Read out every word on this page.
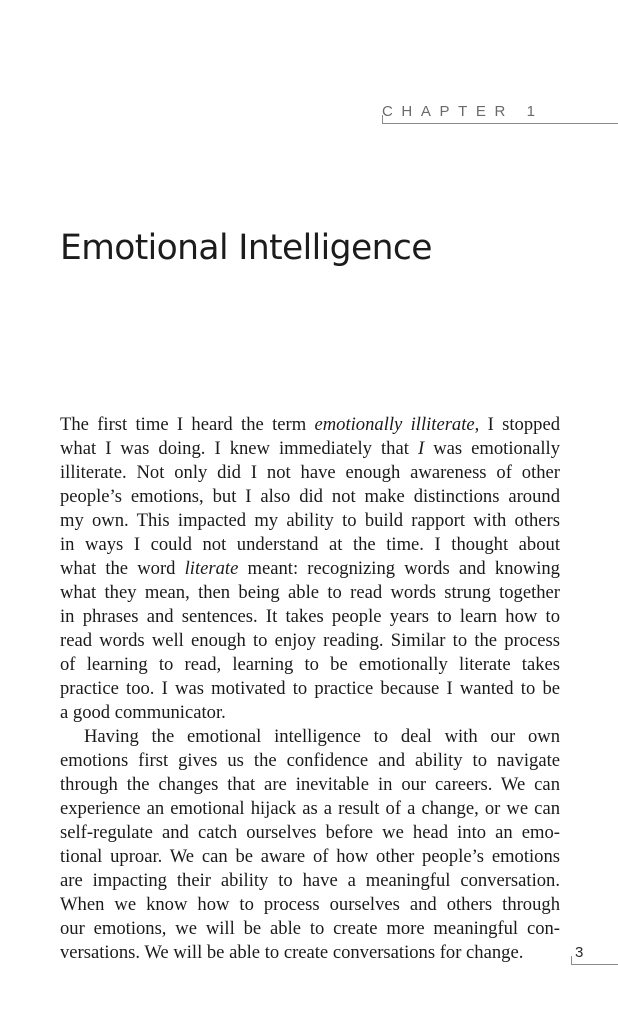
CHAPTER 1
Emotional Intelligence
The first time I heard the term emotionally illiterate, I stopped
what I was doing. I knew immediately that I was emotionally
illiterate. Not only did I not have enough awareness of other
people’s emotions, but I also did not make distinctions around
my own. This impacted my ability to build rapport with others
in ways I could not understand at the time. I thought about
what the word literate meant: recognizing words and knowing
what they mean, then being able to read words strung together
in phrases and sentences. It takes people years to learn how to
read words well enough to enjoy reading. Similar to the process
of learning to read, learning to be emotionally literate takes
practice too. I was motivated to practice because I wanted to be
a good communicator.
Having the emotional intelligence to deal with our own
emotions first gives us the confidence and ability to navigate
through the changes that are inevitable in our careers. We can
experience an emotional hijack as a result of a change, or we can
self-regulate and catch ourselves before we head into an emo-
tional uproar. We can be aware of how other people’s emotions
are impacting their ability to have a meaningful conversation.
When we know how to process ourselves and others through
our emotions, we will be able to create more meaningful con-
versations. We will be able to create conversations for change.	3
